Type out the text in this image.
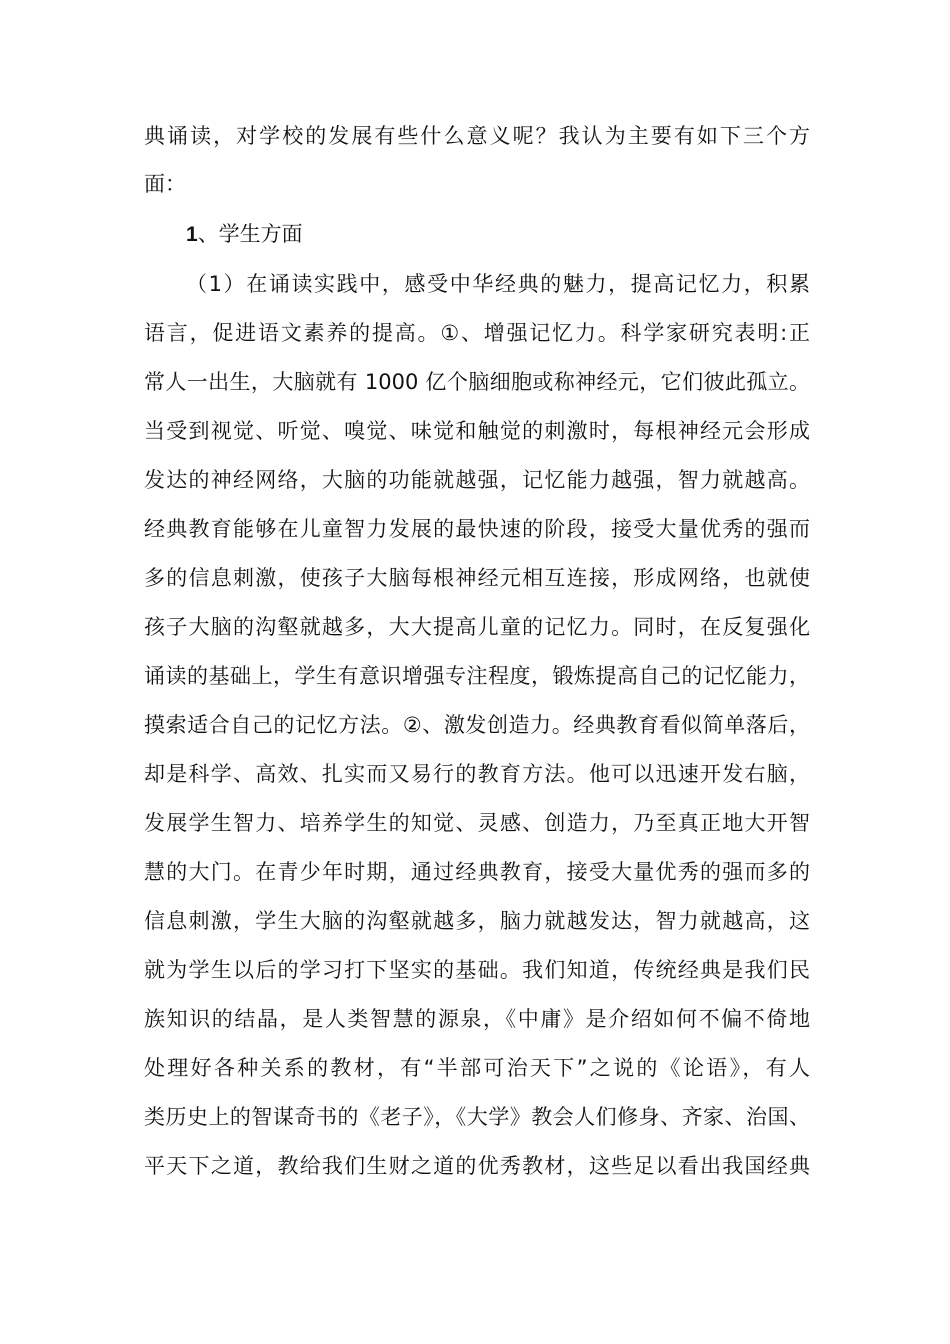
典诵读，对学校的发展有些什么意义呢？我认为主要有如下三个方
面：
1、学生方面
（1）在诵读实践中，感受中华经典的魅力，提高记忆力，积累
语言，促进语文素养的提高。①、增强记忆力。科学家研究表明:正
常人一出生，大脑就有 1000 亿个脑细胞或称神经元，它们彼此孤立。
当受到视觉、听觉、嗅觉、味觉和触觉的刺激时，每根神经元会形成
发达的神经网络，大脑的功能就越强，记忆能力越强，智力就越高。
经典教育能够在儿童智力发展的最快速的阶段，接受大量优秀的强而
多的信息刺激，使孩子大脑每根神经元相互连接，形成网络，也就使
孩子大脑的沟壑就越多，大大提高儿童的记忆力。同时，在反复强化
诵读的基础上，学生有意识增强专注程度，锻炼提高自己的记忆能力，
摸索适合自己的记忆方法。②、激发创造力。经典教育看似简单落后，
却是科学、高效、扎实而又易行的教育方法。他可以迅速开发右脑，
发展学生智力、培养学生的知觉、灵感、创造力，乃至真正地大开智
慧的大门。在青少年时期，通过经典教育，接受大量优秀的强而多的
信息刺激，学生大脑的沟壑就越多，脑力就越发达，智力就越高，这
就为学生以后的学习打下坚实的基础。我们知道，传统经典是我们民
族知识的结晶，是人类智慧的源泉，《中庸》是介绍如何不偏不倚地
处理好各种关系的教材，有“半部可治天下”之说的《论语》，有人
类历史上的智谋奇书的《老子》，《大学》教会人们修身、齐家、治国、
平天下之道，教给我们生财之道的优秀教材，这些足以看出我国经典
